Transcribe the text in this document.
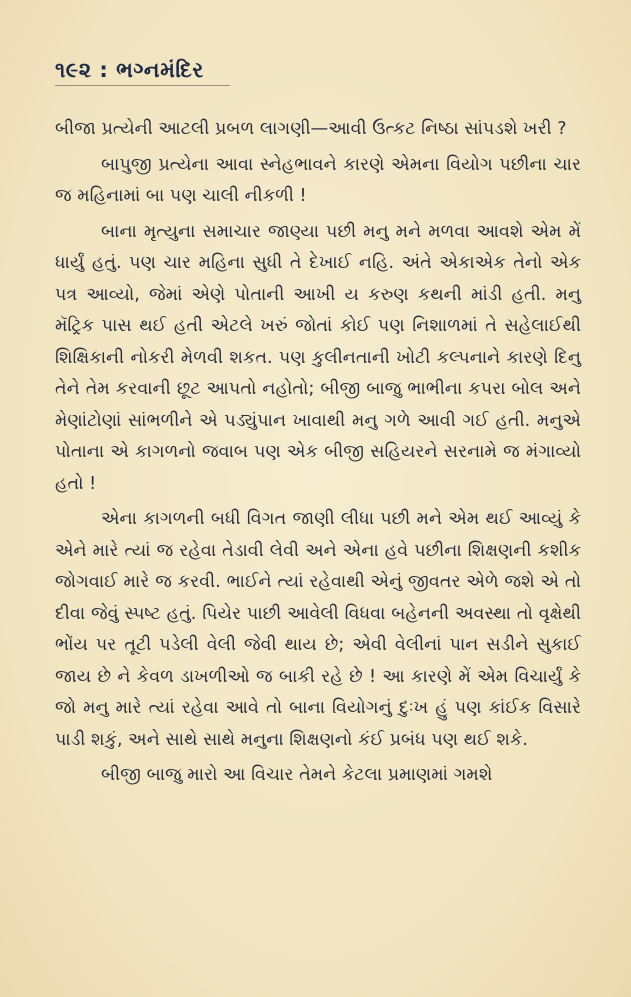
૧૯૨ : ભગ્નમંદિર

બીજા પ્રત્યેની આટલી પ્રબળ લાગણી—આવી ઉત્કટ નિષ્ઠા સાંપડશે ખરી ?

બાપુજી પ્રત્યેના આવા સ્નેહભાવને કારણે એમના વિયોગ પછીના ચાર જ મહિનામાં બા પણ ચાલી નીકળી !

બાના મૃત્યુના સમાચાર જાણ્યા પછી મનુ મને મળવા આવશે એમ મેં ધાર્યું હતું. પણ ચાર મહિના સુધી તે દેખાઈ નહિ. અંતે એકાએક તેનો એક પત્ર આવ્યો, જેમાં એણે પોતાની આખી ય કરુણ કથની માંડી હતી. મનુ મૅટ્રિક પાસ થઈ હતી એટલે ખરું જોતાં કોઈ પણ નિશાળમાં તે સહેલાઈથી શિક્ષિકાની નોકરી મેળવી શકત. પણ કુલીનતાની ખોટી કલ્પનાને કારણે દિનુ તેને તેમ કરવાની છૂટ આપતો નહોતો; બીજી બાજુ ભાભીના કપરા બોલ અને મેણાંટોણાં સાંભળીને એ પડ્યુંપાન ખાવાથી મનુ ગળે આવી ગઈ હતી. મનુએ પોતાના એ કાગળનો જવાબ પણ એક બીજી સહિયરને સરનામે જ મંગાવ્યો હતો !

એના કાગળની બધી વિગત જાણી લીધા પછી મને એમ થઈ આવ્યું કે એને મારે ત્યાં જ રહેવા તેડાવી લેવી અને એના હવે પછીના શિક્ષણની કશીક જોગવાઈ મારે જ કરવી. ભાઈને ત્યાં રહેવાથી એનું જીવતર એળે જશે એ તો દીવા જેવું સ્પષ્ટ હતું. પિયેર પાછી આવેલી વિધવા બહેનની અવસ્થા તો વૃક્ષેથી ભોંય પર તૂટી પડેલી વેલી જેવી થાય છે; એવી વેલીનાં પાન સડીને સુકાઈ જાય છે ને કેવળ ડાખળીઓ જ બાકી રહે છે ! આ કારણે મેં એમ વિચાર્યું કે જો મનુ મારે ત્યાં રહેવા આવે તો બાના વિયોગનું દુઃખ હું પણ કાંઈક વિસારે પાડી શકું, અને સાથે સાથે મનુના શિક્ષણનો કંઈ પ્રબંધ પણ થઈ શકે.

બીજી બાજુ મારો આ વિચાર તેમને કેટલા પ્રમાણમાં ગમશે
